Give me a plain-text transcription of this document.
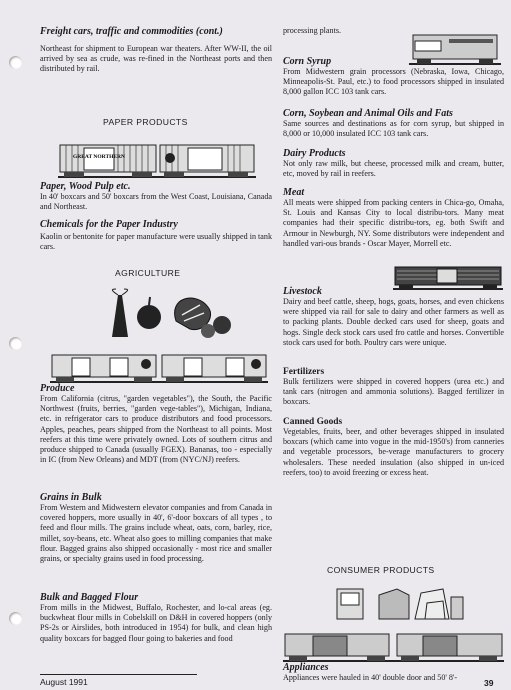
Freight cars, traffic and commodities (cont.)
Northeast for shipment to European war theaters. After WW-II, the oil arrived by sea as crude, was re-fined in the Northeast ports and then distributed by rail.
PAPER PRODUCTS
GREAT NORTHERN
Paper, Wood Pulp etc.
In 40' boxcars and 50' boxcars from the West Coast, Louisiana, Canada and Northeast.
Chemicals for the Paper Industry
Kaolin or bentonite for paper manufacture were usually shipped in tank cars.
AGRICULTURE
Produce
From California (citrus, "garden vegetables"), the South, the Pacific Northwest (fruits, berries, "garden vege-tables"), Michigan, Indiana, etc. in refrigerator cars to produce distributors and food processors. Apples, peaches, pears shipped from the Northeast to all points. Most reefers at this time were privately owned. Lots of southern citrus and produce shipped to Canada (usually FGEX). Bananas, too - especially in IC (from New Orleans) and MDT (from (NYC/NJ) reefers.
Grains in Bulk
From Western and Midwestern elevator companies and from Canada in covered hoppers, more usually in 40', 6'-door boxcars of all types , to feed and flour mills. The grains include wheat, oats, corn, barley, rice, millet, soy-beans, etc. Wheat also goes to milling companies that make flour. Bagged grains also shipped occasionally - most rice and smaller grains, or specialty grains used in food processing.
Bulk and Bagged Flour
From mills in the Midwest, Buffalo, Rochester, and lo-cal areas (eg. buckwheat flour mills in Cobelskill on D&H in covered hoppers (only PS-2s or Airslides, both introduced in 1954) for bulk, and clean high quality boxcars for bagged flour going to bakeries and food
processing plants.
Corn Syrup
From Midwestern grain processors (Nebraska, Iowa, Chicago, Minneapolis-St. Paul, etc.) to food processors shipped in insulated 8,000 gallon ICC 103 tank cars.
Corn, Soybean and Animal Oils and Fats
Same sources and destinations as for corn syrup, but shipped in 8,000 or 10,000 insulated ICC 103 tank cars.
Dairy Products
Not only raw milk, but cheese, processed milk and cream, butter, etc, moved by rail in reefers.
Meat
All meats were shipped from packing centers in Chica-go, Omaha, St. Louis and Kansas City to local distribu-tors. Many meat companies had their specific distribu-tors, eg. both Swift and Armour in Newburgh, NY. Some distributors were independent and handled vari-ous brands - Oscar Mayer, Morrell etc.
Livestock
Dairy and beef cattle, sheep, hogs, goats, horses, and even chickens were shipped via rail for sale to dairy and other farmers as well as to packing plants. Double decked cars used for sheep, goats and hogs. Single deck stock cars used fro cattle and horses. Convertible stock cars used for both. Poultry cars were unique.
Fertilizers
Bulk fertilizers were shipped in covered hoppers (urea etc.) and tank cars (nitrogen and ammonia solutions). Bagged fertilizer in boxcars.
Canned Goods
Vegetables, fruits, beer, and other beverages shipped in insulated boxcars (which came into vogue in the mid-1950's) from canneries and vegetable processors, be-verage manufacturers to grocery wholesalers. These needed insulation (also shipped in un-iced reefers, too) to avoid freezing or excess heat.
CONSUMER PRODUCTS
Appliances
Appliances were hauled in 40' double door and 50' 8'-
August 1991	39
